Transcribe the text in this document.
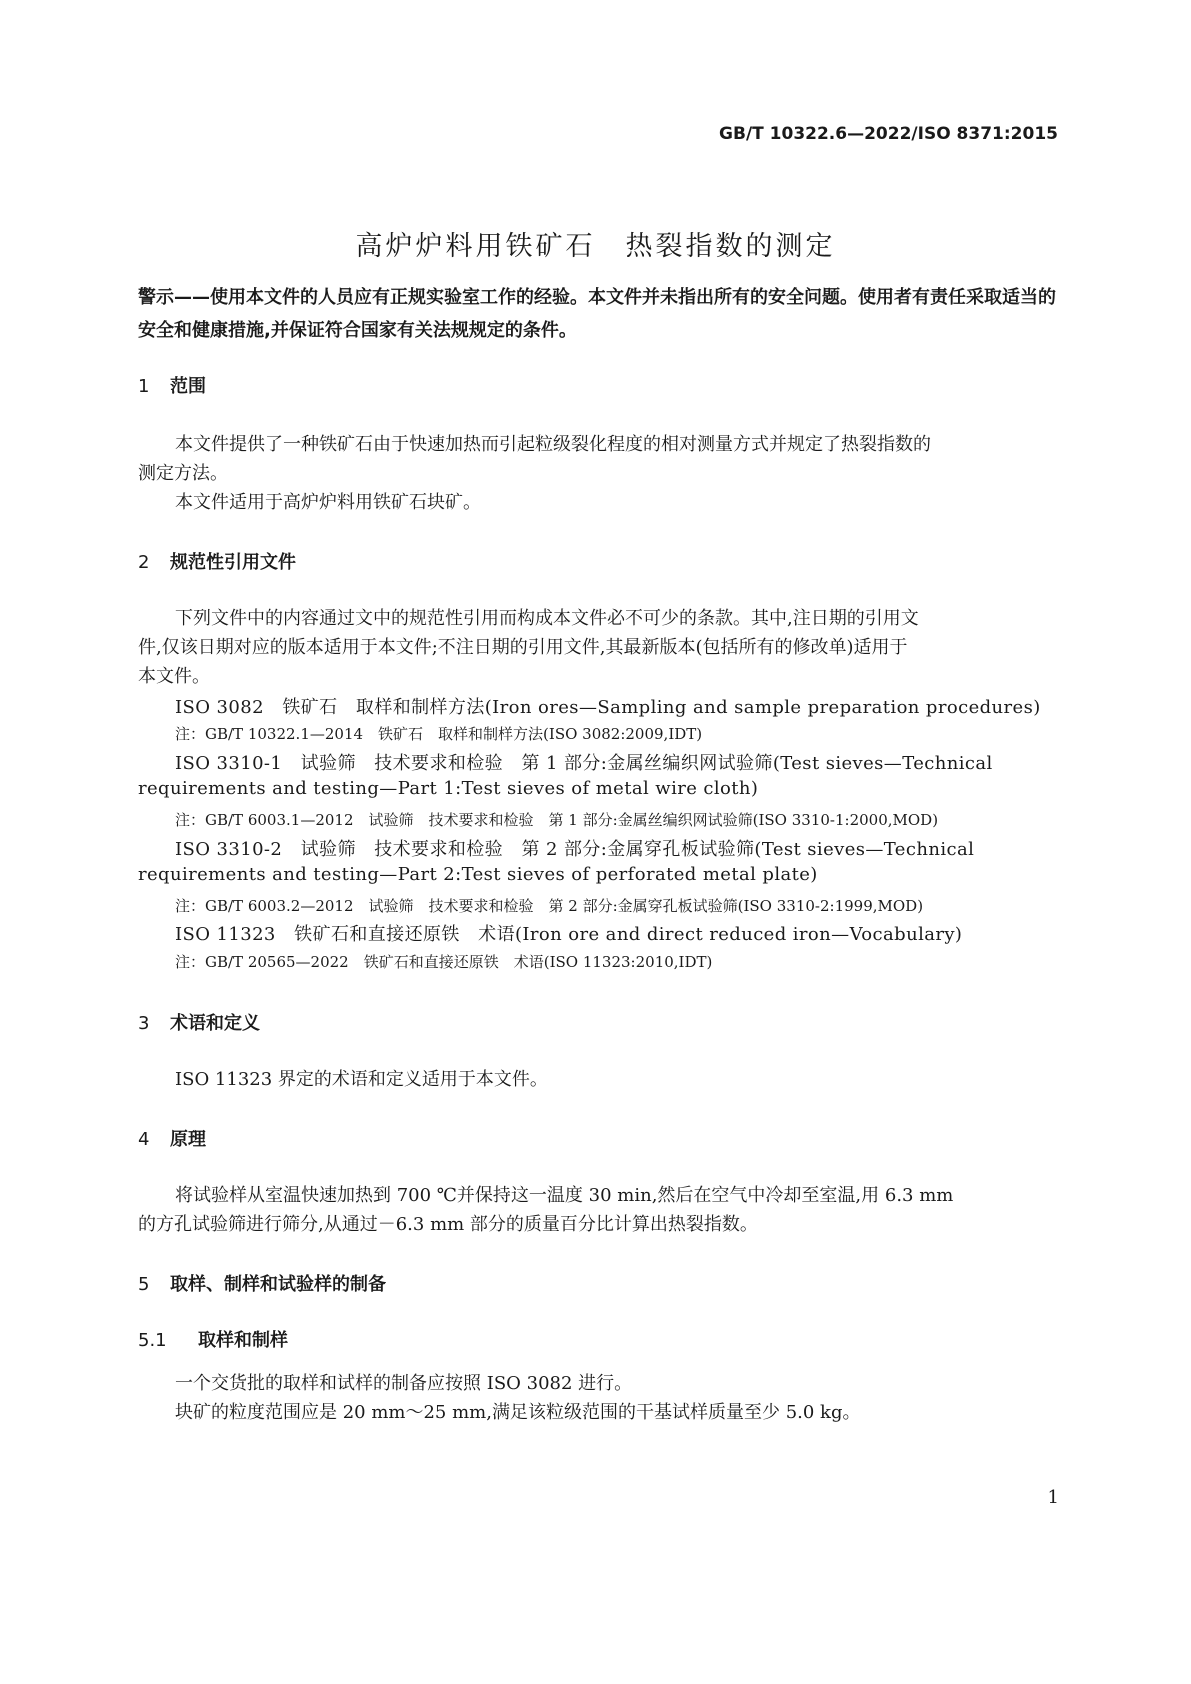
GB/T 10322.6—2022/ISO 8371:2015
高炉炉料用铁矿石　热裂指数的测定
警示——使用本文件的人员应有正规实验室工作的经验。本文件并未指出所有的安全问题。使用者有责任采取适当的安全和健康措施,并保证符合国家有关法规规定的条件。
1 范围
本文件提供了一种铁矿石由于快速加热而引起粒级裂化程度的相对测量方式并规定了热裂指数的
测定方法。
本文件适用于高炉炉料用铁矿石块矿。
2 规范性引用文件
下列文件中的内容通过文中的规范性引用而构成本文件必不可少的条款。其中,注日期的引用文
件,仅该日期对应的版本适用于本文件;不注日期的引用文件,其最新版本(包括所有的修改单)适用于
本文件。
ISO 3082　铁矿石　取样和制样方法(Iron ores—Sampling and sample preparation procedures)
注：GB/T 10322.1—2014　铁矿石　取样和制样方法(ISO 3082:2009,IDT)
ISO 3310-1　试验筛　技术要求和检验　第 1 部分:金属丝编织网试验筛(Test sieves—Technical
requirements and testing—Part 1:Test sieves of metal wire cloth)
注：GB/T 6003.1—2012　试验筛　技术要求和检验　第 1 部分:金属丝编织网试验筛(ISO 3310-1:2000,MOD)
ISO 3310-2　试验筛　技术要求和检验　第 2 部分:金属穿孔板试验筛(Test sieves—Technical
requirements and testing—Part 2:Test sieves of perforated metal plate)
注：GB/T 6003.2—2012　试验筛　技术要求和检验　第 2 部分:金属穿孔板试验筛(ISO 3310-2:1999,MOD)
ISO 11323　铁矿石和直接还原铁　术语(Iron ore and direct reduced iron—Vocabulary)
注：GB/T 20565—2022　铁矿石和直接还原铁　术语(ISO 11323:2010,IDT)
3 术语和定义
ISO 11323 界定的术语和定义适用于本文件。
4 原理
将试验样从室温快速加热到 700 ℃并保持这一温度 30 min,然后在空气中冷却至室温,用 6.3 mm
的方孔试验筛进行筛分,从通过－6.3 mm 部分的质量百分比计算出热裂指数。
5 取样、制样和试验样的制备
5.1 取样和制样
一个交货批的取样和试样的制备应按照 ISO 3082 进行。
块矿的粒度范围应是 20 mm～25 mm,满足该粒级范围的干基试样质量至少 5.0 kg。
1
